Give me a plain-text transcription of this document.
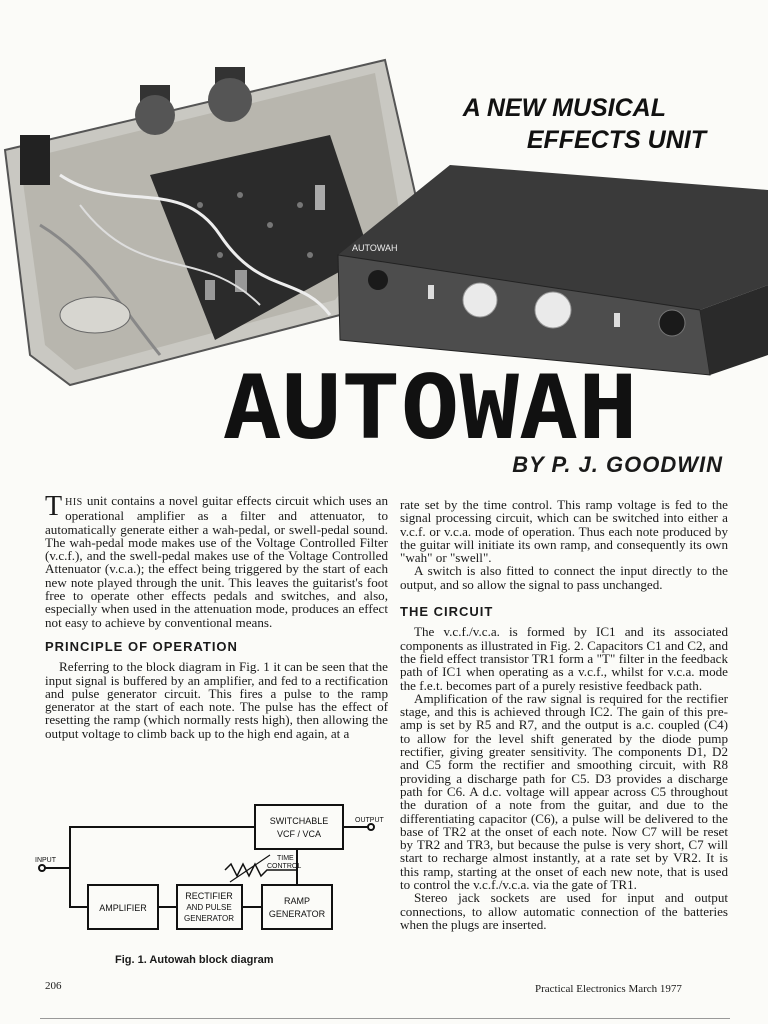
AUTOWAH
A NEW MUSICAL
EFFECTS UNIT
AUTOWAH
BY P. J. GOODWIN

THIS unit contains a novel guitar effects circuit which uses an operational amplifier as a filter and attenuator, to automatically generate either a wah-pedal, or swell-pedal sound. The wah-pedal mode makes use of the Voltage Controlled Filter (v.c.f.), and the swell-pedal makes use of the Voltage Controlled Attenuator (v.c.a.); the effect being triggered by the start of each new note played through the unit. This leaves the guitarist's foot free to operate other effects pedals and switches, and also, especially when used in the attenuation mode, produces an effect not easy to achieve by conventional means.

PRINCIPLE OF OPERATION

Referring to the block diagram in Fig. 1 it can be seen that the input signal is buffered by an amplifier, and fed to a rectification and pulse generator circuit. This fires a pulse to the ramp generator at the start of each note. The pulse has the effect of resetting the ramp (which normally rests high), then allowing the output voltage to climb back up to the high end again, at a

rate set by the time control. This ramp voltage is fed to the signal processing circuit, which can be switched into either a v.c.f. or v.c.a. mode of operation. Thus each note produced by the guitar will initiate its own ramp, and consequently its own "wah" or "swell".

A switch is also fitted to connect the input directly to the output, and so allow the signal to pass unchanged.

THE CIRCUIT

The v.c.f./v.c.a. is formed by IC1 and its associated components as illustrated in Fig. 2. Capacitors C1 and C2, and the field effect transistor TR1 form a "T" filter in the feedback path of IC1 when operating as a v.c.f., whilst for v.c.a. mode the f.e.t. becomes part of a purely resistive feedback path.

Amplification of the raw signal is required for the rectifier stage, and this is achieved through IC2. The gain of this pre-amp is set by R5 and R7, and the output is a.c. coupled (C4) to allow for the level shift generated by the diode pump rectifier, giving greater sensitivity. The components D1, D2 and C5 form the rectifier and smoothing circuit, with R8 providing a discharge path for C5. D3 provides a discharge path for C6. A d.c. voltage will appear across C5 throughout the duration of a note from the guitar, and due to the differentiating capacitor (C6), a pulse will be delivered to the base of TR2 at the onset of each note. Now C7 will be reset by TR2 and TR3, but because the pulse is very short, C7 will start to recharge almost instantly, at a rate set by VR2. It is this ramp, starting at the onset of each new note, that is used to control the v.c.f./v.c.a. via the gate of TR1.

Stereo jack sockets are used for input and output connections, to allow automatic connection of the batteries when the plugs are inserted.

INPUT
OUTPUT
SWITCHABLE
VCF / VCA
AMPLIFIER
RECTIFIER
AND PULSE
GENERATOR
RAMP
GENERATOR
TIME
CONTROL
Fig. 1. Autowah block diagram
206	Practical Electronics March 1977
